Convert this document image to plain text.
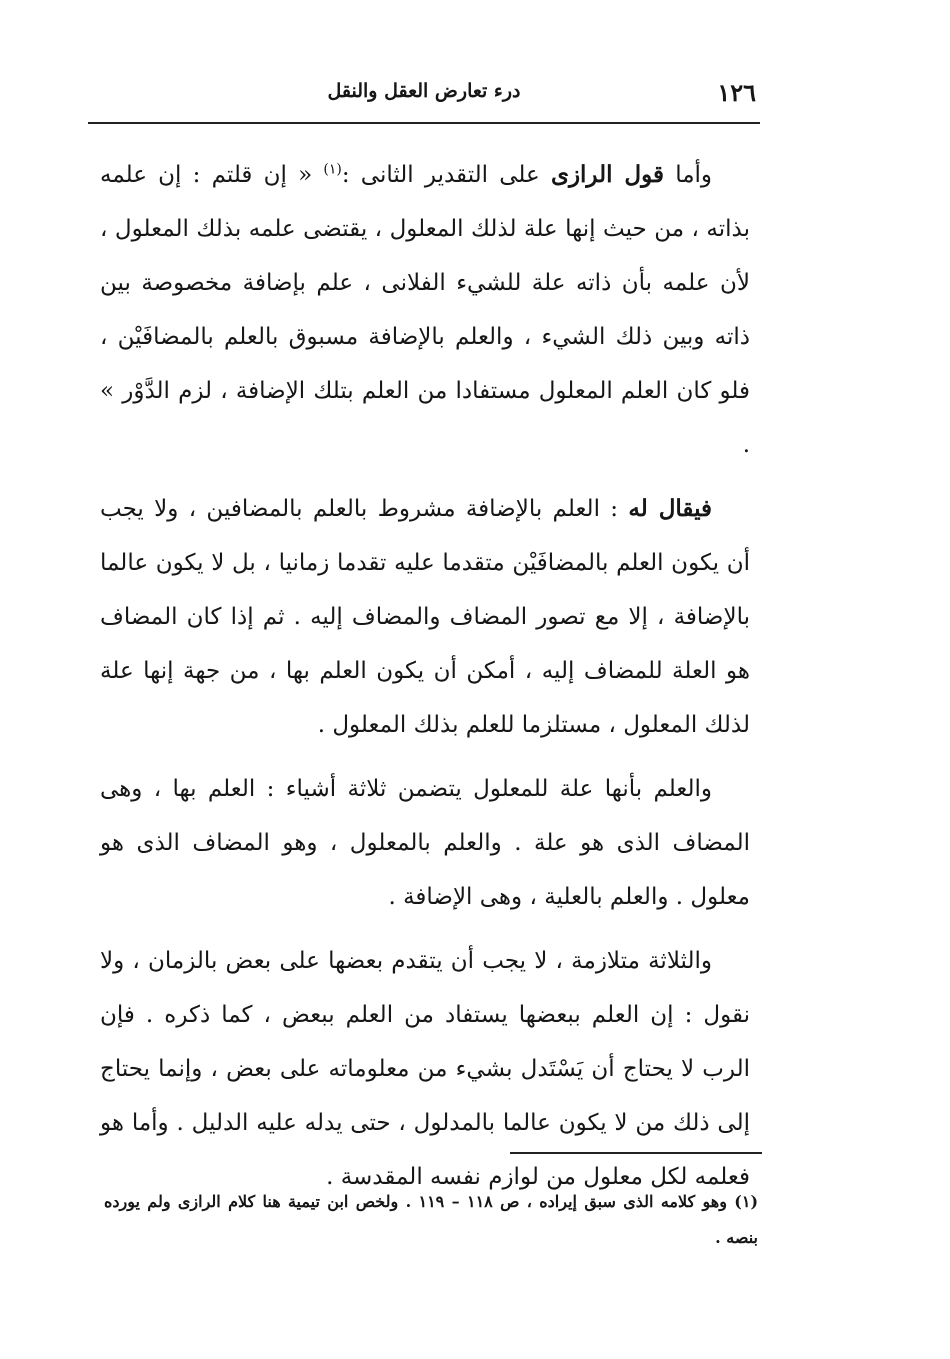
١٢٦
درء تعارض العقل والنقل

وأما قول الرازى على التقدير الثانى :$^{(١)}$ « إن قلتم : إن علمه بذاته ، من حيث إنها علة لذلك المعلول ، يقتضى علمه بذلك المعلول ، لأن علمه بأن ذاته علة للشيء الفلانى ، علم بإضافة مخصوصة بين ذاته وبين ذلك الشيء ، والعلم بالإضافة مسبوق بالعلم بالمضافَيْن ، فلو كان العلم المعلول مستفادا من العلم بتلك الإضافة ، لزم الدَّوْر » .

فيقال له : العلم بالإضافة مشروط بالعلم بالمضافين ، ولا يجب أن يكون العلم بالمضافَيْن متقدما عليه تقدما زمانيا ، بل لا يكون عالما بالإضافة ، إلا مع تصور المضاف والمضاف إليه . ثم إذا كان المضاف هو العلة للمضاف إليه ، أمكن أن يكون العلم بها ، من جهة إنها علة لذلك المعلول ، مستلزما للعلم بذلك المعلول .

والعلم بأنها علة للمعلول يتضمن ثلاثة أشياء : العلم بها ، وهى المضاف الذى هو علة . والعلم بالمعلول ، وهو المضاف الذى هو معلول . والعلم بالعلية ، وهى الإضافة .

والثلاثة متلازمة ، لا يجب أن يتقدم بعضها على بعض بالزمان ، ولا نقول : إن العلم ببعضها يستفاد من العلم ببعض ، كما ذكره . فإن الرب لا يحتاج أن يَسْتَدل بشيء من معلوماته على بعض ، وإنما يحتاج إلى ذلك من لا يكون عالما بالمدلول ، حتى يدله عليه الدليل . وأما هو فعلمه لكل معلول من لوازم نفسه المقدسة .

(١) وهو كلامه الذى سبق إيراده ، ص ١١٨ – ١١٩ . ولخص ابن تيمية هنا كلام الرازى ولم يورده بنصه .
